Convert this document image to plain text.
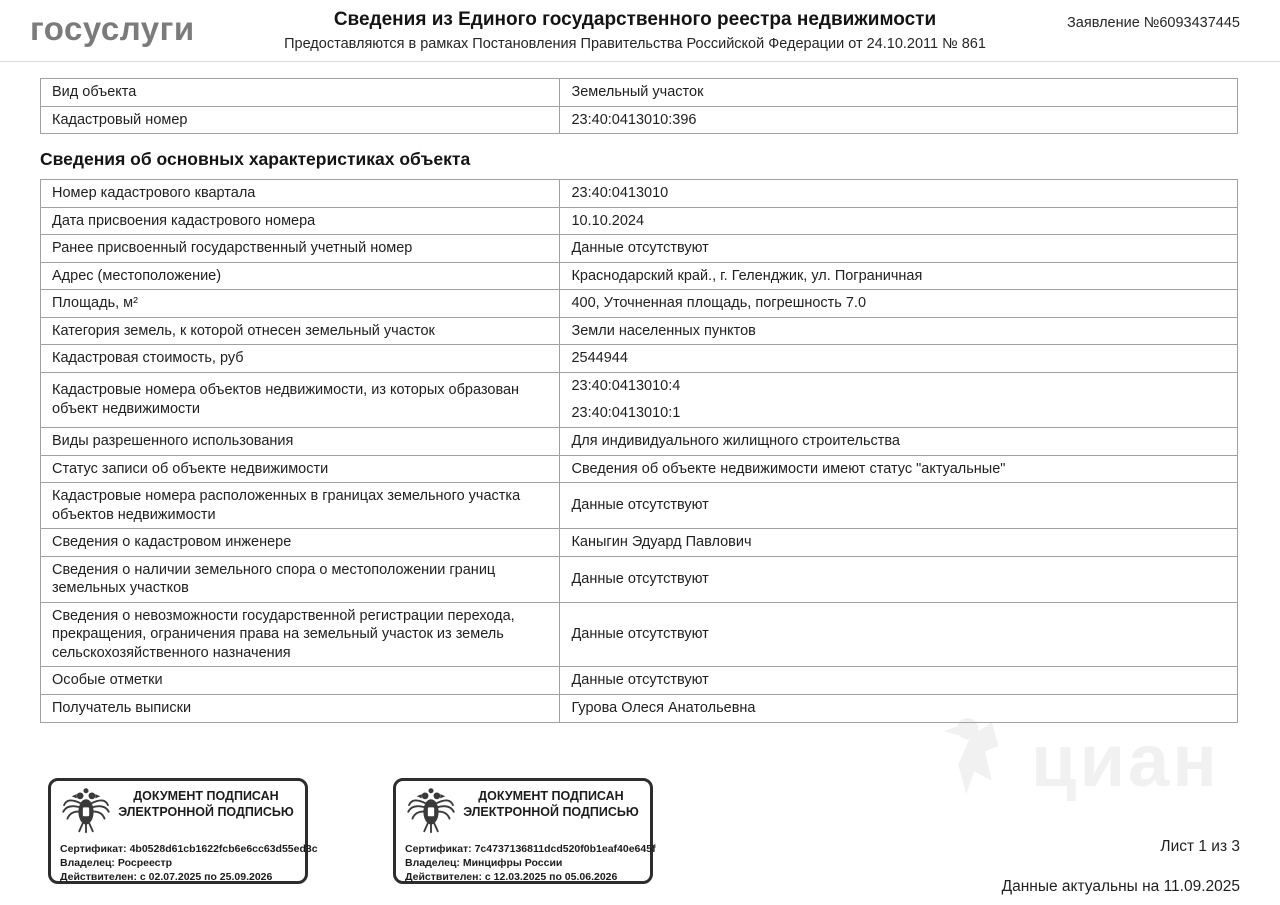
госуслуги	Сведения из Единого государственного реестра недвижимости
Предоставляются в рамках Постановления Правительства Российской Федерации от 24.10.2011 № 861
Заявление №6093437445
циан
Вид объекта	Земельный участок
Кадастровый номер	23:40:0413010:396
Сведения об основных характеристиках объекта
Номер кадастрового квартала	23:40:0413010
Дата присвоения кадастрового номера	10.10.2024
Ранее присвоенный государственный учетный номер	Данные отсутствуют
Адрес (местоположение)	Краснодарский край., г. Геленджик, ул. Пограничная
Площадь, м²	400, Уточненная площадь, погрешность 7.0
Категория земель, к которой отнесен земельный участок	Земли населенных пунктов
Кадастровая стоимость, руб	2544944
Кадастровые номера объектов недвижимости, из которых образован объект недвижимости	23:40:0413010:4
23:40:0413010:1

Виды разрешенного использования	Для индивидуального жилищного строительства
Статус записи об объекте недвижимости	Сведения об объекте недвижимости имеют статус "актуальные"
Кадастровые номера расположенных в границах земельного участка объектов недвижимости	Данные отсутствуют
Сведения о кадастровом инженере	Каныгин Эдуард Павлович
Сведения о наличии земельного спора о местоположении границ земельных участков	Данные отсутствуют
Сведения о невозможности государственной регистрации перехода, прекращения, ограничения права на земельный участок из земель сельскохозяйственного назначения	Данные отсутствуют
Особые отметки	Данные отсутствуют
Получатель выписки	Гурова Олеся Анатольевна
ДОКУМЕНТ ПОДПИСАН ЭЛЕКТРОННОЙ ПОДПИСЬЮ
Сертификат: 4b0528d61cb1622fcb6e6cc63d55ed3c
Владелец: Росреестр
Действителен: с 02.07.2025 по 25.09.2026
ДОКУМЕНТ ПОДПИСАН ЭЛЕКТРОННОЙ ПОДПИСЬЮ
Сертификат: 7c4737136811dcd520f0b1eaf40e645f
Владелец: Минцифры России
Действителен: с 12.03.2025 по 05.06.2026
Лист 1 из 3
Данные актуальны на 11.09.2025
